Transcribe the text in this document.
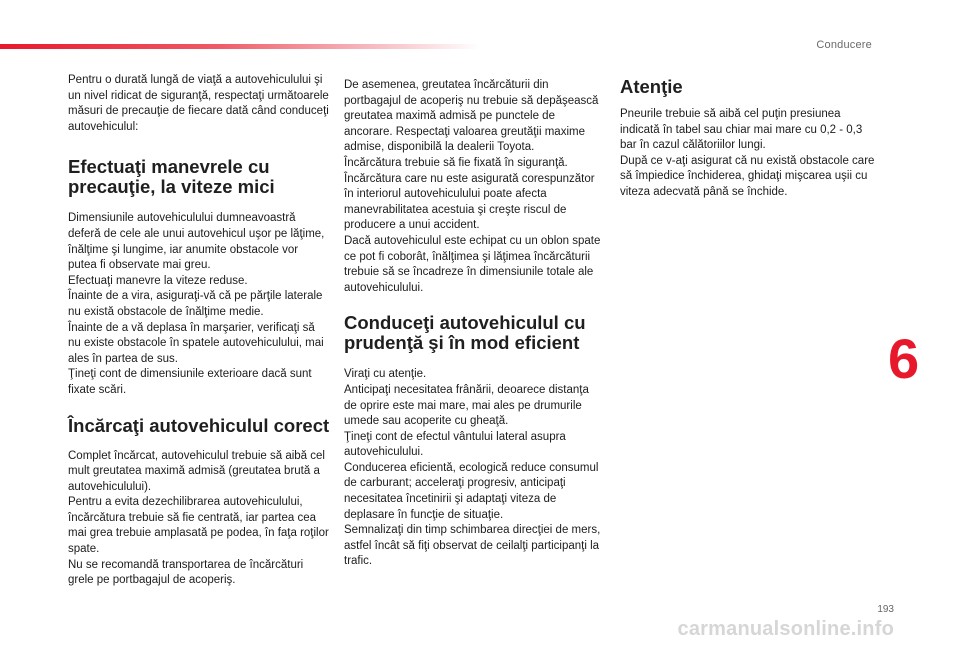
Conducere

Pentru o durată lungă de viaţă a autovehiculului şi un nivel ridicat de siguranţă, respectaţi următoarele măsuri de precauţie de fiecare dată când conduceţi autovehiculul:

Efectuaţi manevrele cu precauţie, la viteze mici

Dimensiunile autovehiculului dumneavoastră deferă de cele ale unui autovehicul uşor pe lăţime, înălţime şi lungime, iar anumite obstacole vor putea fi observate mai greu.
Efectuaţi manevre la viteze reduse.
Înainte de a vira, asiguraţi-vă că pe părţile laterale nu există obstacole de înălţime medie.
Înainte de a vă deplasa în marşarier, verificaţi să nu existe obstacole în spatele autovehiculului, mai ales în partea de sus.
Ţineţi cont de dimensiunile exterioare dacă sunt fixate scări.

Încărcaţi autovehiculul corect

Complet încărcat, autovehiculul trebuie să aibă cel mult greutatea maximă admisă (greutatea brută a autovehiculului).
Pentru a evita dezechilibrarea autovehiculului, încărcătura trebuie să fie centrată, iar partea cea mai grea trebuie amplasată pe podea, în faţa roţilor spate.
Nu se recomandă transportarea de încărcături grele pe portbagajul de acoperiş.

De asemenea, greutatea încărcăturii din portbagajul de acoperiş nu trebuie să depăşească greutatea maximă admisă pe punctele de ancorare. Respectaţi valoarea greutăţii maxime admise, disponibilă la dealerii Toyota.
Încărcătura trebuie să fie fixată în siguranţă.
Încărcătura care nu este asigurată corespunzător în interiorul autovehiculului poate afecta manevrabilitatea acestuia şi creşte riscul de producere a unui accident.
Dacă autovehiculul este echipat cu un oblon spate ce pot fi coborât, înălţimea şi lăţimea încărcăturii trebuie să se încadreze în dimensiunile totale ale autovehiculului.

Conduceţi autovehiculul cu prudenţă şi în mod eficient

Viraţi cu atenţie.
Anticipaţi necesitatea frânării, deoarece distanţa de oprire este mai mare, mai ales pe drumurile umede sau acoperite cu gheaţă.
Ţineţi cont de efectul vântului lateral asupra autovehiculului.
Conducerea eficientă, ecologică reduce consumul de carburant; acceleraţi progresiv, anticipaţi necesitatea încetinirii şi adaptaţi viteza de deplasare în funcţie de situaţie.
Semnalizaţi din timp schimbarea direcţiei de mers, astfel încât să fiţi observat de ceilalţi participanţi la trafic.

Atenţie

Pneurile trebuie să aibă cel puţin presiunea indicată în tabel sau chiar mai mare cu 0,2 - 0,3 bar în cazul călătoriilor lungi.
După ce v-aţi asigurat că nu există obstacole care să împiedice închiderea, ghidaţi mişcarea uşii cu viteza adecvată până se închide.

6
193
carmanualsonline.info
